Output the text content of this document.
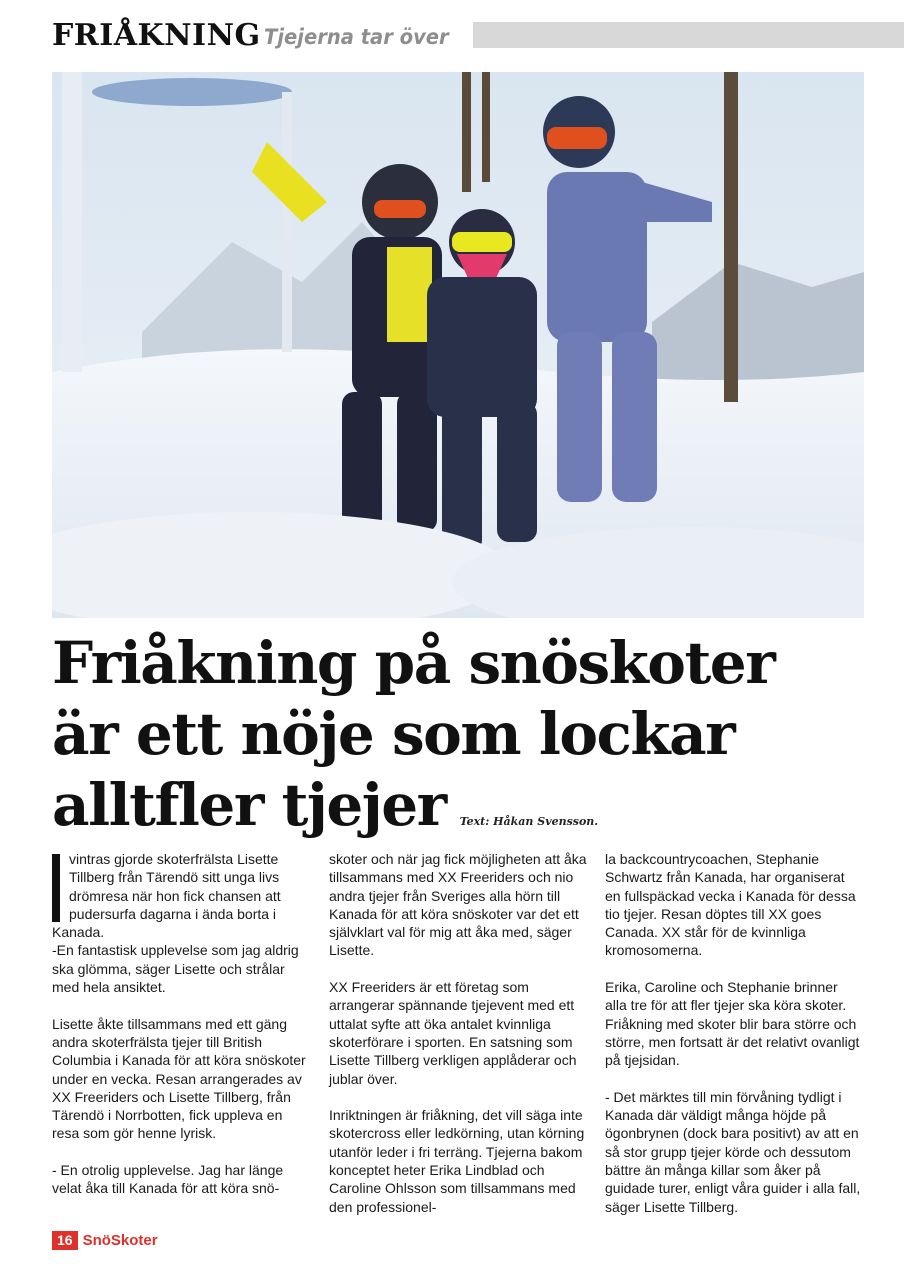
FRIÅKNING Tjejerna tar över
Friåkning på snöskoter
är ett nöje som lockar
alltfler tjejer Text: Håkan Svensson.

vintras gjorde skoterfrälsta Lisette Tillberg från Tärendö sitt unga livs drömresa när hon fick chansen att pudersurfa dagarna i ända borta i Kanada.
-En fantastisk upplevelse som jag aldrig ska glömma, säger Lisette och strålar med hela ansiktet.

Lisette åkte tillsammans med ett gäng andra skoterfrälsta tjejer till British Columbia i Kanada för att köra snöskoter under en vecka. Resan arrangerades av XX Freeriders och Lisette Tillberg, från Tärendö i Norrbotten, fick uppleva en resa som gör henne lyrisk.

- En otrolig upplevelse. Jag har länge velat åka till Kanada för att köra snö-

skoter och när jag fick möjligheten att åka tillsammans med XX Freeriders och nio andra tjejer från Sveriges alla hörn till Kanada för att köra snöskoter var det ett självklart val för mig att åka med, säger Lisette.

XX Freeriders är ett företag som arrangerar spännande tjejevent med ett uttalat syfte att öka antalet kvinnliga skoterförare i sporten. En satsning som Lisette Tillberg verkligen applåderar och jublar över.

Inriktningen är friåkning, det vill säga inte skotercross eller ledkörning, utan körning utanför leder i fri terräng. Tjejerna bakom konceptet heter Erika Lindblad och Caroline Ohlsson som tillsammans med den professionel-

la backcountrycoachen, Stephanie Schwartz från Kanada, har organiserat en fullspäckad vecka i Kanada för dessa tio tjejer. Resan döptes till XX goes Canada. XX står för de kvinnliga kromosomerna.

Erika, Caroline och Stephanie brinner alla tre för att fler tjejer ska köra skoter. Friåkning med skoter blir bara större och större, men fortsatt är det relativt ovanligt på tjejsidan.

- Det märktes till min förvåning tydligt i Kanada där väldigt många höjde på ögonbrynen (dock bara positivt) av att en så stor grupp tjejer körde och dessutom bättre än många killar som åker på guidade turer, enligt våra guider i alla fall, säger Lisette Tillberg.

16 SnöSkoter
